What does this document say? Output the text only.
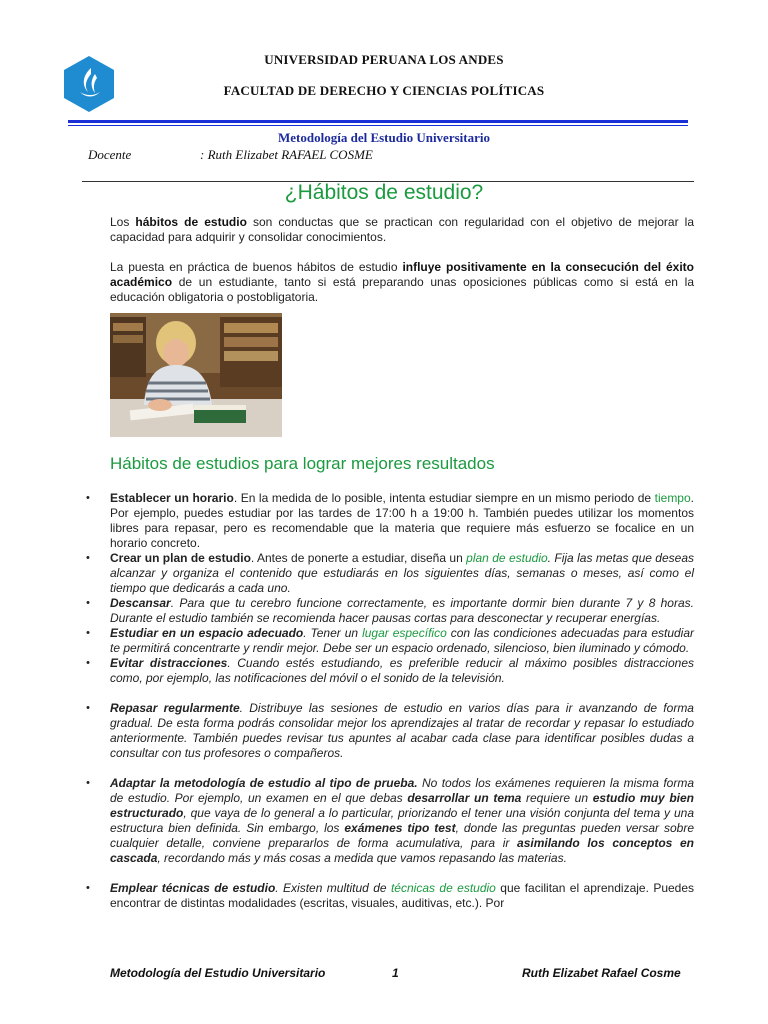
UNIVERSIDAD PERUANA LOS ANDES
FACULTAD DE DERECHO Y CIENCIAS POLÍTICAS
Metodología del Estudio Universitario
Docente	: Ruth Elizabet RAFAEL COSME
¿Hábitos de estudio?
Los hábitos de estudio son conductas que se practican con regularidad con el objetivo de mejorar la capacidad para adquirir y consolidar conocimientos.
La puesta en práctica de buenos hábitos de estudio influye positivamente en la consecución del éxito académico de un estudiante, tanto si está preparando unas oposiciones públicas como si está en la educación obligatoria o postobligatoria.
Hábitos de estudios para lograr mejores resultados
• Establecer un horario. En la medida de lo posible, intenta estudiar siempre en un mismo periodo de tiempo. Por ejemplo, puedes estudiar por las tardes de 17:00 h a 19:00 h. También puedes utilizar los momentos libres para repasar, pero es recomendable que la materia que requiere más esfuerzo se focalice en un horario concreto.
• Crear un plan de estudio. Antes de ponerte a estudiar, diseña un plan de estudio. Fija las metas que deseas alcanzar y organiza el contenido que estudiarás en los siguientes días, semanas o meses, así como el tiempo que dedicarás a cada uno.
• Descansar. Para que tu cerebro funcione correctamente, es importante dormir bien durante 7 y 8 horas. Durante el estudio también se recomienda hacer pausas cortas para desconectar y recuperar energías.
• Estudiar en un espacio adecuado. Tener un lugar específico con las condiciones adecuadas para estudiar te permitirá concentrarte y rendir mejor. Debe ser un espacio ordenado, silencioso, bien iluminado y cómodo.
• Evitar distracciones. Cuando estés estudiando, es preferible reducir al máximo posibles distracciones como, por ejemplo, las notificaciones del móvil o el sonido de la televisión.
• Repasar regularmente. Distribuye las sesiones de estudio en varios días para ir avanzando de forma gradual. De esta forma podrás consolidar mejor los aprendizajes al tratar de recordar y repasar lo estudiado anteriormente. También puedes revisar tus apuntes al acabar cada clase para identificar posibles dudas a consultar con tus profesores o compañeros.
• Adaptar la metodología de estudio al tipo de prueba. No todos los exámenes requieren la misma forma de estudio. Por ejemplo, un examen en el que debas desarrollar un tema requiere un estudio muy bien estructurado, que vaya de lo general a lo particular, priorizando el tener una visión conjunta del tema y una estructura bien definida. Sin embargo, los exámenes tipo test, donde las preguntas pueden versar sobre cualquier detalle, conviene prepararlos de forma acumulativa, para ir asimilando los conceptos en cascada, recordando más y más cosas a medida que vamos repasando las materias.
• Emplear técnicas de estudio. Existen multitud de técnicas de estudio que facilitan el aprendizaje. Puedes encontrar de distintas modalidades (escritas, visuales, auditivas, etc.). Por
Metodología del Estudio Universitario	1	Ruth Elizabet Rafael Cosme
